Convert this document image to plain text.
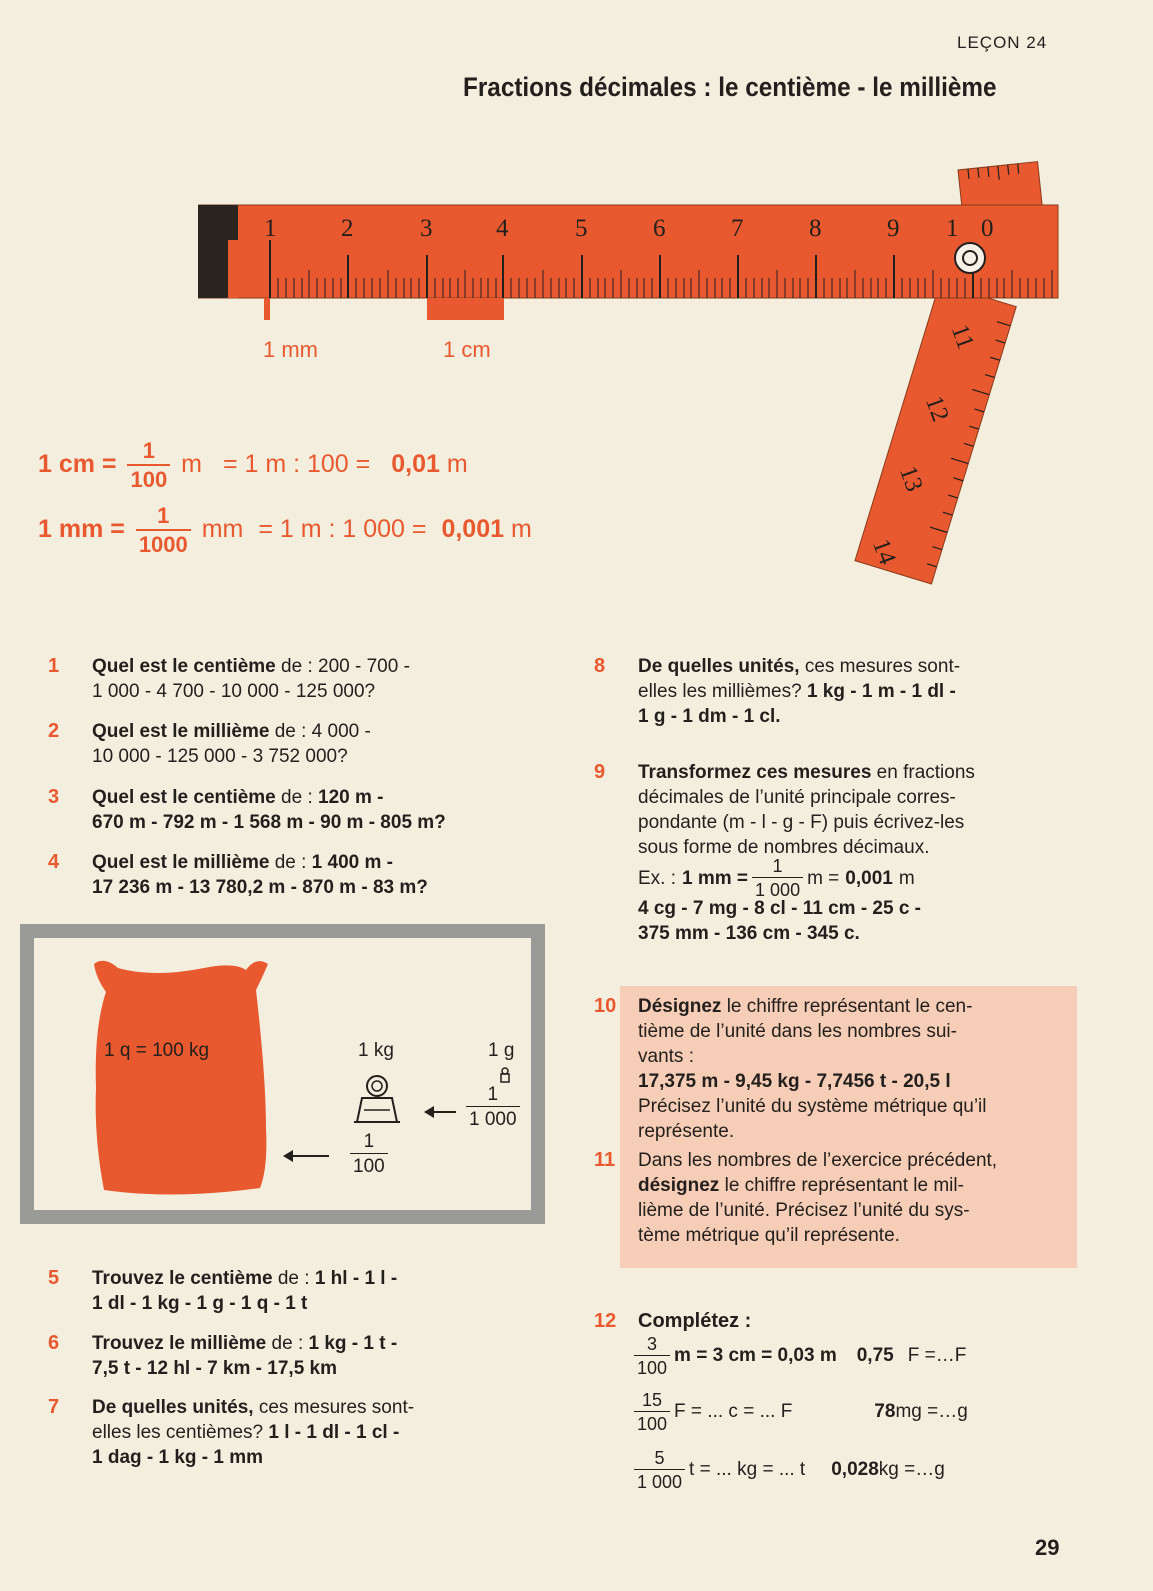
LEÇON 24
Fractions décimales : le centième - le millième
1	2	3	4	5	6	7	8	9 1 0
11
12
13
14
1 mm	1 cm
1 cm = $\frac{1}{100}$ m = 1 m : 100 = 0,01 m
1 mm = $\frac{1}{1000}$ mm = 1 m : 1 000 = 0,001 m
1 Quel est le centième de : 200 - 700 -
1 000 - 4 700 - 10 000 - 125 000?
2 Quel est le millième de : 4 000 -
10 000 - 125 000 - 3 752 000?
3 Quel est le centième de : 120 m -
670 m - 792 m - 1 568 m - 90 m - 805 m?
4 Quel est le millième de : 1 400 m -
17 236 m - 13 780,2 m - 870 m - 83 m?
1 q = 100 kg	1 kg	1 g
$\frac{1}{1 000}$
$\frac{1}{100}$
5 Trouvez le centième de : 1 hl - 1 l -
1 dl - 1 kg - 1 g - 1 q - 1 t
6 Trouvez le millième de : 1 kg - 1 t -
7,5 t - 12 hl - 7 km - 17,5 km
7 De quelles unités, ces mesures sont-
elles les centièmes? 1 l - 1 dl - 1 cl -
1 dag - 1 kg - 1 mm
8 De quelles unités, ces mesures sont-
elles les millièmes? 1 kg - 1 m - 1 dl -
1 g - 1 dm - 1 cl.
9 Transformez ces mesures en fractions
décimales de l’unité principale corres-
pondante (m - l - g - F) puis écrivez-les
sous forme de nombres décimaux.
Ex. : 1 mm = $\frac{1}{1 000}$ m = 0,001 m
4 cg - 7 mg - 8 cl - 11 cm - 25 c -
375 mm - 136 cm - 345 c.
10 Désignez le chiffre représentant le cen-
tième de l’unité dans les nombres sui-
vants :
17,375 m - 9,45 kg - 7,7456 t - 20,5 l
Précisez l’unité du système métrique qu’il
représente.
11 Dans les nombres de l’exercice précédent,
désignez le chiffre représentant le mil-
lième de l’unité. Précisez l’unité du sys-
tème métrique qu’il représente.
12 Complétez :
$\frac{3}{100}$ m = 3 cm = 0,03 m 0,75 F = … F
$\frac{15}{100}$ F = ... c = ... F	78 mg = … g
$\frac{5}{1 000}$ t = ... kg = ... t 0,028 kg = … g
29
